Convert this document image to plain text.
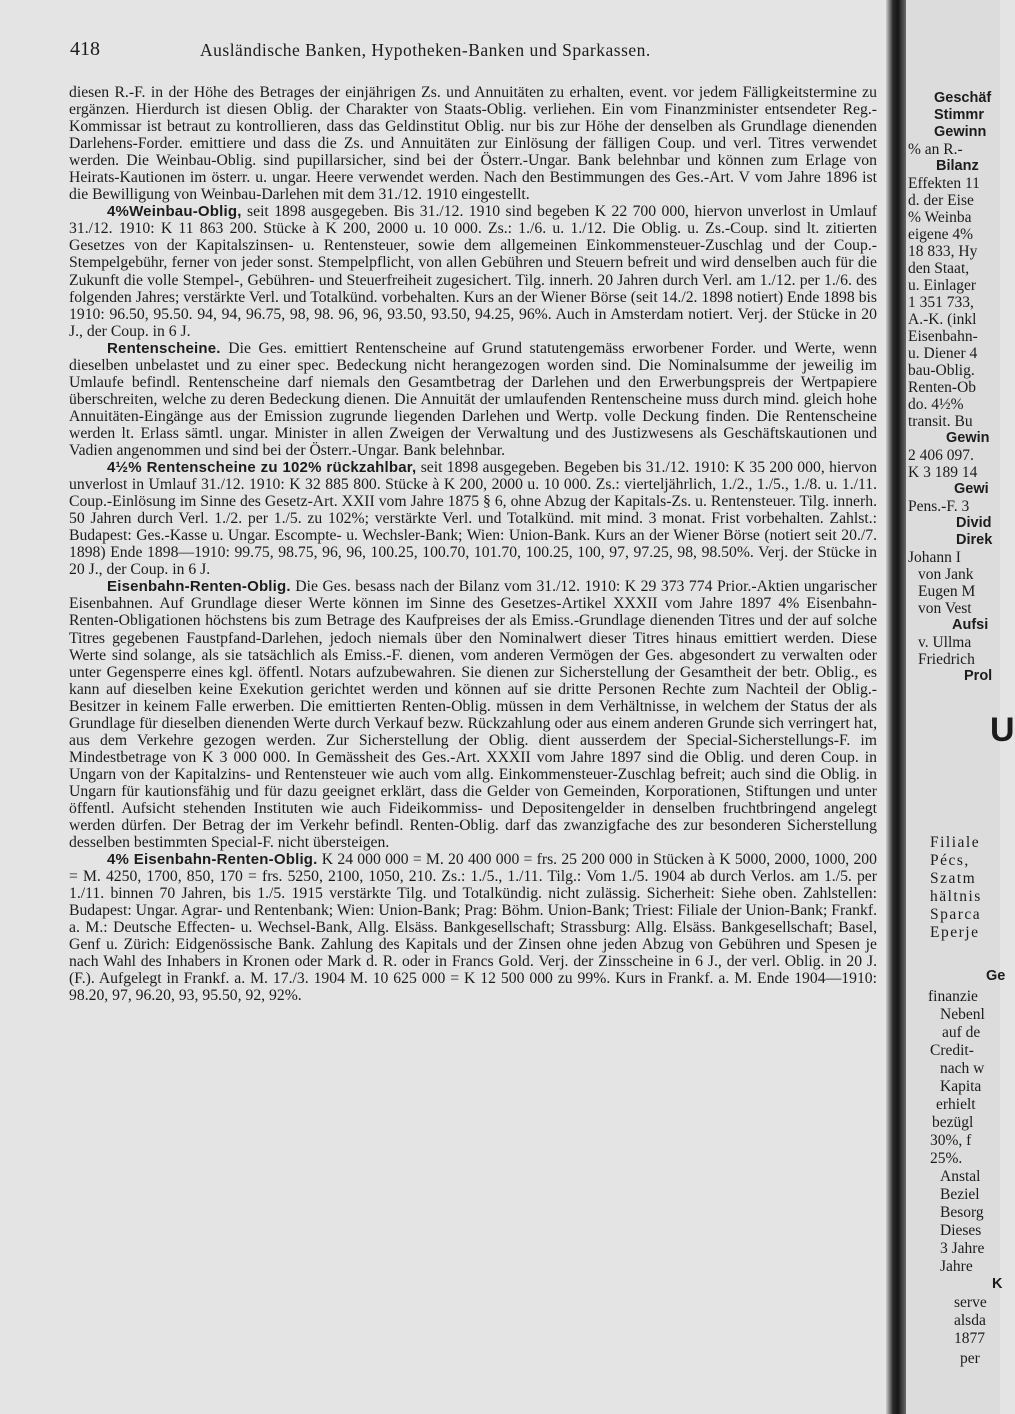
418	Ausländische Banken, Hypotheken-Banken und Sparkassen.

diesen R.-F. in der Höhe des Betrages der einjährigen Zs. und Annuitäten zu erhalten, event. vor jedem Fälligkeitstermine zu ergänzen. Hierdurch ist diesen Oblig. der Charakter von Staats-Oblig. verliehen. Ein vom Finanzminister entsendeter Reg.-Kommissar ist betraut zu kontrollieren, dass das Geldinstitut Oblig. nur bis zur Höhe der denselben als Grundlage dienenden Darlehens-Forder. emittiere und dass die Zs. und Annuitäten zur Einlösung der fälligen Coup. und verl. Titres verwendet werden. Die Weinbau-Oblig. sind pupillarsicher, sind bei der Österr.-Ungar. Bank belehnbar und können zum Erlage von Heirats-Kautionen im österr. u. ungar. Heere verwendet werden. Nach den Bestimmungen des Ges.-Art. V vom Jahre 1896 ist die Bewilligung von Weinbau-Darlehen mit dem 31./12. 1910 eingestellt.

4%Weinbau-Oblig, seit 1898 ausgegeben. Bis 31./12. 1910 sind begeben K 22 700 000, hiervon unverlost in Umlauf 31./12. 1910: K 11 863 200. Stücke à K 200, 2000 u. 10 000. Zs.: 1./6. u. 1./12. Die Oblig. u. Zs.-Coup. sind lt. zitierten Gesetzes von der Kapitalszinsen- u. Rentensteuer, sowie dem allgemeinen Einkommensteuer-Zuschlag und der Coup.-Stempelgebühr, ferner von jeder sonst. Stempelpflicht, von allen Gebühren und Steuern befreit und wird denselben auch für die Zukunft die volle Stempel-, Gebühren- und Steuerfreiheit zugesichert. Tilg. innerh. 20 Jahren durch Verl. am 1./12. per 1./6. des folgenden Jahres; verstärkte Verl. und Totalkünd. vorbehalten. Kurs an der Wiener Börse (seit 14./2. 1898 notiert) Ende 1898 bis 1910: 96.50, 95.50. 94, 94, 96.75, 98, 98. 96, 96, 93.50, 93.50, 94.25, 96%. Auch in Amsterdam notiert. Verj. der Stücke in 20 J., der Coup. in 6 J.

Rentenscheine. Die Ges. emittiert Rentenscheine auf Grund statutengemäss erworbener Forder. und Werte, wenn dieselben unbelastet und zu einer spec. Bedeckung nicht herangezogen worden sind. Die Nominalsumme der jeweilig im Umlaufe befindl. Rentenscheine darf niemals den Gesamtbetrag der Darlehen und den Erwerbungspreis der Wertpapiere überschreiten, welche zu deren Bedeckung dienen. Die Annuität der umlaufenden Rentenscheine muss durch mind. gleich hohe Annuitäten-Eingänge aus der Emission zugrunde liegenden Darlehen und Wertp. volle Deckung finden. Die Rentenscheine werden lt. Erlass sämtl. ungar. Minister in allen Zweigen der Verwaltung und des Justizwesens als Geschäftskautionen und Vadien angenommen und sind bei der Österr.-Ungar. Bank belehnbar.

4½% Rentenscheine zu 102% rückzahlbar, seit 1898 ausgegeben. Begeben bis 31./12. 1910: K 35 200 000, hiervon unverlost in Umlauf 31./12. 1910: K 32 885 800. Stücke à K 200, 2000 u. 10 000. Zs.: vierteljährlich, 1./2., 1./5., 1./8. u. 1./11. Coup.-Einlösung im Sinne des Gesetz-Art. XXII vom Jahre 1875 § 6, ohne Abzug der Kapitals-Zs. u. Rentensteuer. Tilg. innerh. 50 Jahren durch Verl. 1./2. per 1./5. zu 102%; verstärkte Verl. und Totalkünd. mit mind. 3 monat. Frist vorbehalten. Zahlst.: Budapest: Ges.-Kasse u. Ungar. Escompte- u. Wechsler-Bank; Wien: Union-Bank. Kurs an der Wiener Börse (notiert seit 20./7. 1898) Ende 1898—1910: 99.75, 98.75, 96, 96, 100.25, 100.70, 101.70, 100.25, 100, 97, 97.25, 98, 98.50%. Verj. der Stücke in 20 J., der Coup. in 6 J.

Eisenbahn-Renten-Oblig. Die Ges. besass nach der Bilanz vom 31./12. 1910: K 29 373 774 Prior.-Aktien ungarischer Eisenbahnen. Auf Grundlage dieser Werte können im Sinne des Gesetzes-Artikel XXXII vom Jahre 1897 4% Eisenbahn-Renten-Obligationen höchstens bis zum Betrage des Kaufpreises der als Emiss.-Grundlage dienenden Titres und der auf solche Titres gegebenen Faustpfand-Darlehen, jedoch niemals über den Nominalwert dieser Titres hinaus emittiert werden. Diese Werte sind solange, als sie tatsächlich als Emiss.-F. dienen, vom anderen Vermögen der Ges. abgesondert zu verwalten oder unter Gegensperre eines kgl. öffentl. Notars aufzubewahren. Sie dienen zur Sicherstellung der Gesamtheit der betr. Oblig., es kann auf dieselben keine Exekution gerichtet werden und können auf sie dritte Personen Rechte zum Nachteil der Oblig.-Besitzer in keinem Falle erwerben. Die emittierten Renten-Oblig. müssen in dem Verhältnisse, in welchem der Status der als Grundlage für dieselben dienenden Werte durch Verkauf bezw. Rückzahlung oder aus einem anderen Grunde sich verringert hat, aus dem Verkehre gezogen werden. Zur Sicherstellung der Oblig. dient ausserdem der Special-Sicherstellungs-F. im Mindestbetrage von K 3 000 000. In Gemässheit des Ges.-Art. XXXII vom Jahre 1897 sind die Oblig. und deren Coup. in Ungarn von der Kapitalzins- und Rentensteuer wie auch vom allg. Einkommensteuer-Zuschlag befreit; auch sind die Oblig. in Ungarn für kautionsfähig und für dazu geeignet erklärt, dass die Gelder von Gemeinden, Korporationen, Stiftungen und unter öffentl. Aufsicht stehenden Instituten wie auch Fideikommiss- und Depositengelder in denselben fruchtbringend angelegt werden dürfen. Der Betrag der im Verkehr befindl. Renten-Oblig. darf das zwanzigfache des zur besonderen Sicherstellung desselben bestimmten Special-F. nicht übersteigen.

4% Eisenbahn-Renten-Oblig. K 24 000 000 = M. 20 400 000 = frs. 25 200 000 in Stücken à K 5000, 2000, 1000, 200 = M. 4250, 1700, 850, 170 = frs. 5250, 2100, 1050, 210. Zs.: 1./5., 1./11. Tilg.: Vom 1./5. 1904 ab durch Verlos. am 1./5. per 1./11. binnen 70 Jahren, bis 1./5. 1915 verstärkte Tilg. und Totalkündig. nicht zulässig. Sicherheit: Siehe oben. Zahlstellen: Budapest: Ungar. Agrar- und Rentenbank; Wien: Union-Bank; Prag: Böhm. Union-Bank; Triest: Filiale der Union-Bank; Frankf. a. M.: Deutsche Effecten- u. Wechsel-Bank, Allg. Elsäss. Bankgesellschaft; Strassburg: Allg. Elsäss. Bankgesellschaft; Basel, Genf u. Zürich: Eidgenössische Bank. Zahlung des Kapitals und der Zinsen ohne jeden Abzug von Gebühren und Spesen je nach Wahl des Inhabers in Kronen oder Mark d. R. oder in Francs Gold. Verj. der Zinsscheine in 6 J., der verl. Oblig. in 20 J. (F.). Aufgelegt in Frankf. a. M. 17./3. 1904 M. 10 625 000 = K 12 500 000 zu 99%. Kurs in Frankf. a. M. Ende 1904—1910: 98.20, 97, 96.20, 93, 95.50, 92, 92%.

Geschäf
Stimmr
Gewinn
% an R.-
Bilanz
Effekten 11
d. der Eise
% Weinba
eigene 4%
18 833, Hy
den Staat,
u. Einlager
1 351 733,
A.-K. (inkl
Eisenbahn-
u. Diener 4
bau-Oblig.
Renten-Ob
do. 4½%
transit. Bu
Gewin
2 406 097.
K 3 189 14
Gewi
Pens.-F. 3
Divid
Direk
Johann I
von Jank
Eugen M
von Vest
Aufsi
v. Ullma
Friedrich
Prol
U
Filiale
Pécs,
Szatm
hältnis
Sparca
Eperje
Ge
finanzie
Nebenl
auf de
Credit-
nach w
Kapita
erhielt
bezügl
30%, f
25%.
Anstal
Beziel
Besorg
Dieses
3 Jahre
Jahre
K
serve
alsda
1877
per
